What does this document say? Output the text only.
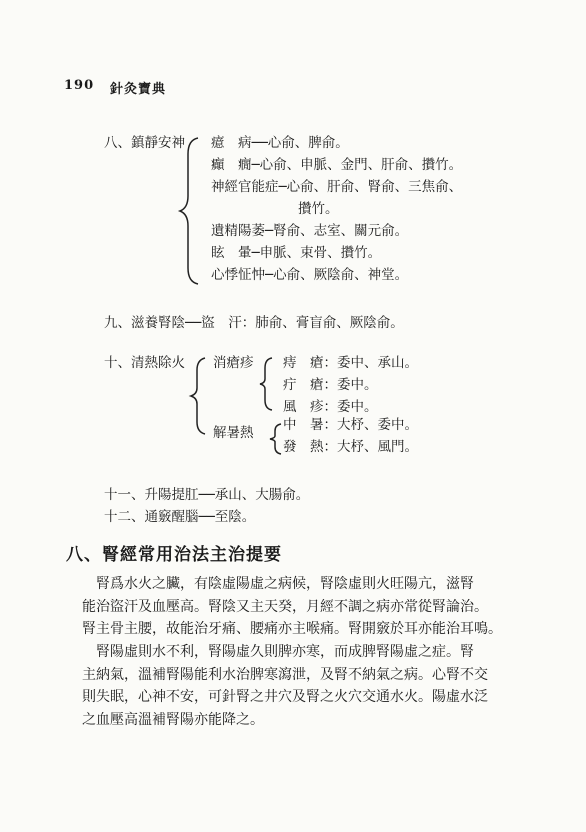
190 針灸寶典
八、鎮靜安神 癔　病──心俞、脾俞。
癲　癇─心俞、申脈、金門、肝俞、攢竹。
神經官能症─心俞、肝俞、腎俞、三焦俞、
攢竹。
遺精陽萎─腎俞、志室、關元俞。
眩　暈─申脈、束骨、攢竹。
心悸怔忡─心俞、厥陰俞、神堂。
九、滋養腎陰──盜　汗：肺俞、膏盲俞、厥陰俞。
十、清熱除火 消瘡疹 痔　瘡：委中、承山。
疔　瘡：委中。
風　疹：委中。
解暑熱 中　暑：大杼、委中。
發　熱：大杼、風門。
十一、升陽提肛──承山、大腸俞。
十二、通竅醒腦──至陰。
八、腎經常用治法主治提要

　腎爲水火之臟，有陰虛陽虛之病候，腎陰虛則火旺陽亢，滋腎

能治盜汗及血壓高。腎陰又主天癸，月經不調之病亦常從腎論治。

腎主骨主腰，故能治牙痛、腰痛亦主喉痛。腎開竅於耳亦能治耳鳴。

　腎陽虛則水不利，腎陽虛久則脾亦寒，而成脾腎陽虛之症。腎

主納氣，溫補腎陽能利水治脾寒瀉泄，及腎不納氣之病。心腎不交

則失眠，心神不安，可針腎之井穴及腎之火穴交通水火。陽虛水泛

之血壓高溫補腎陽亦能降之。
